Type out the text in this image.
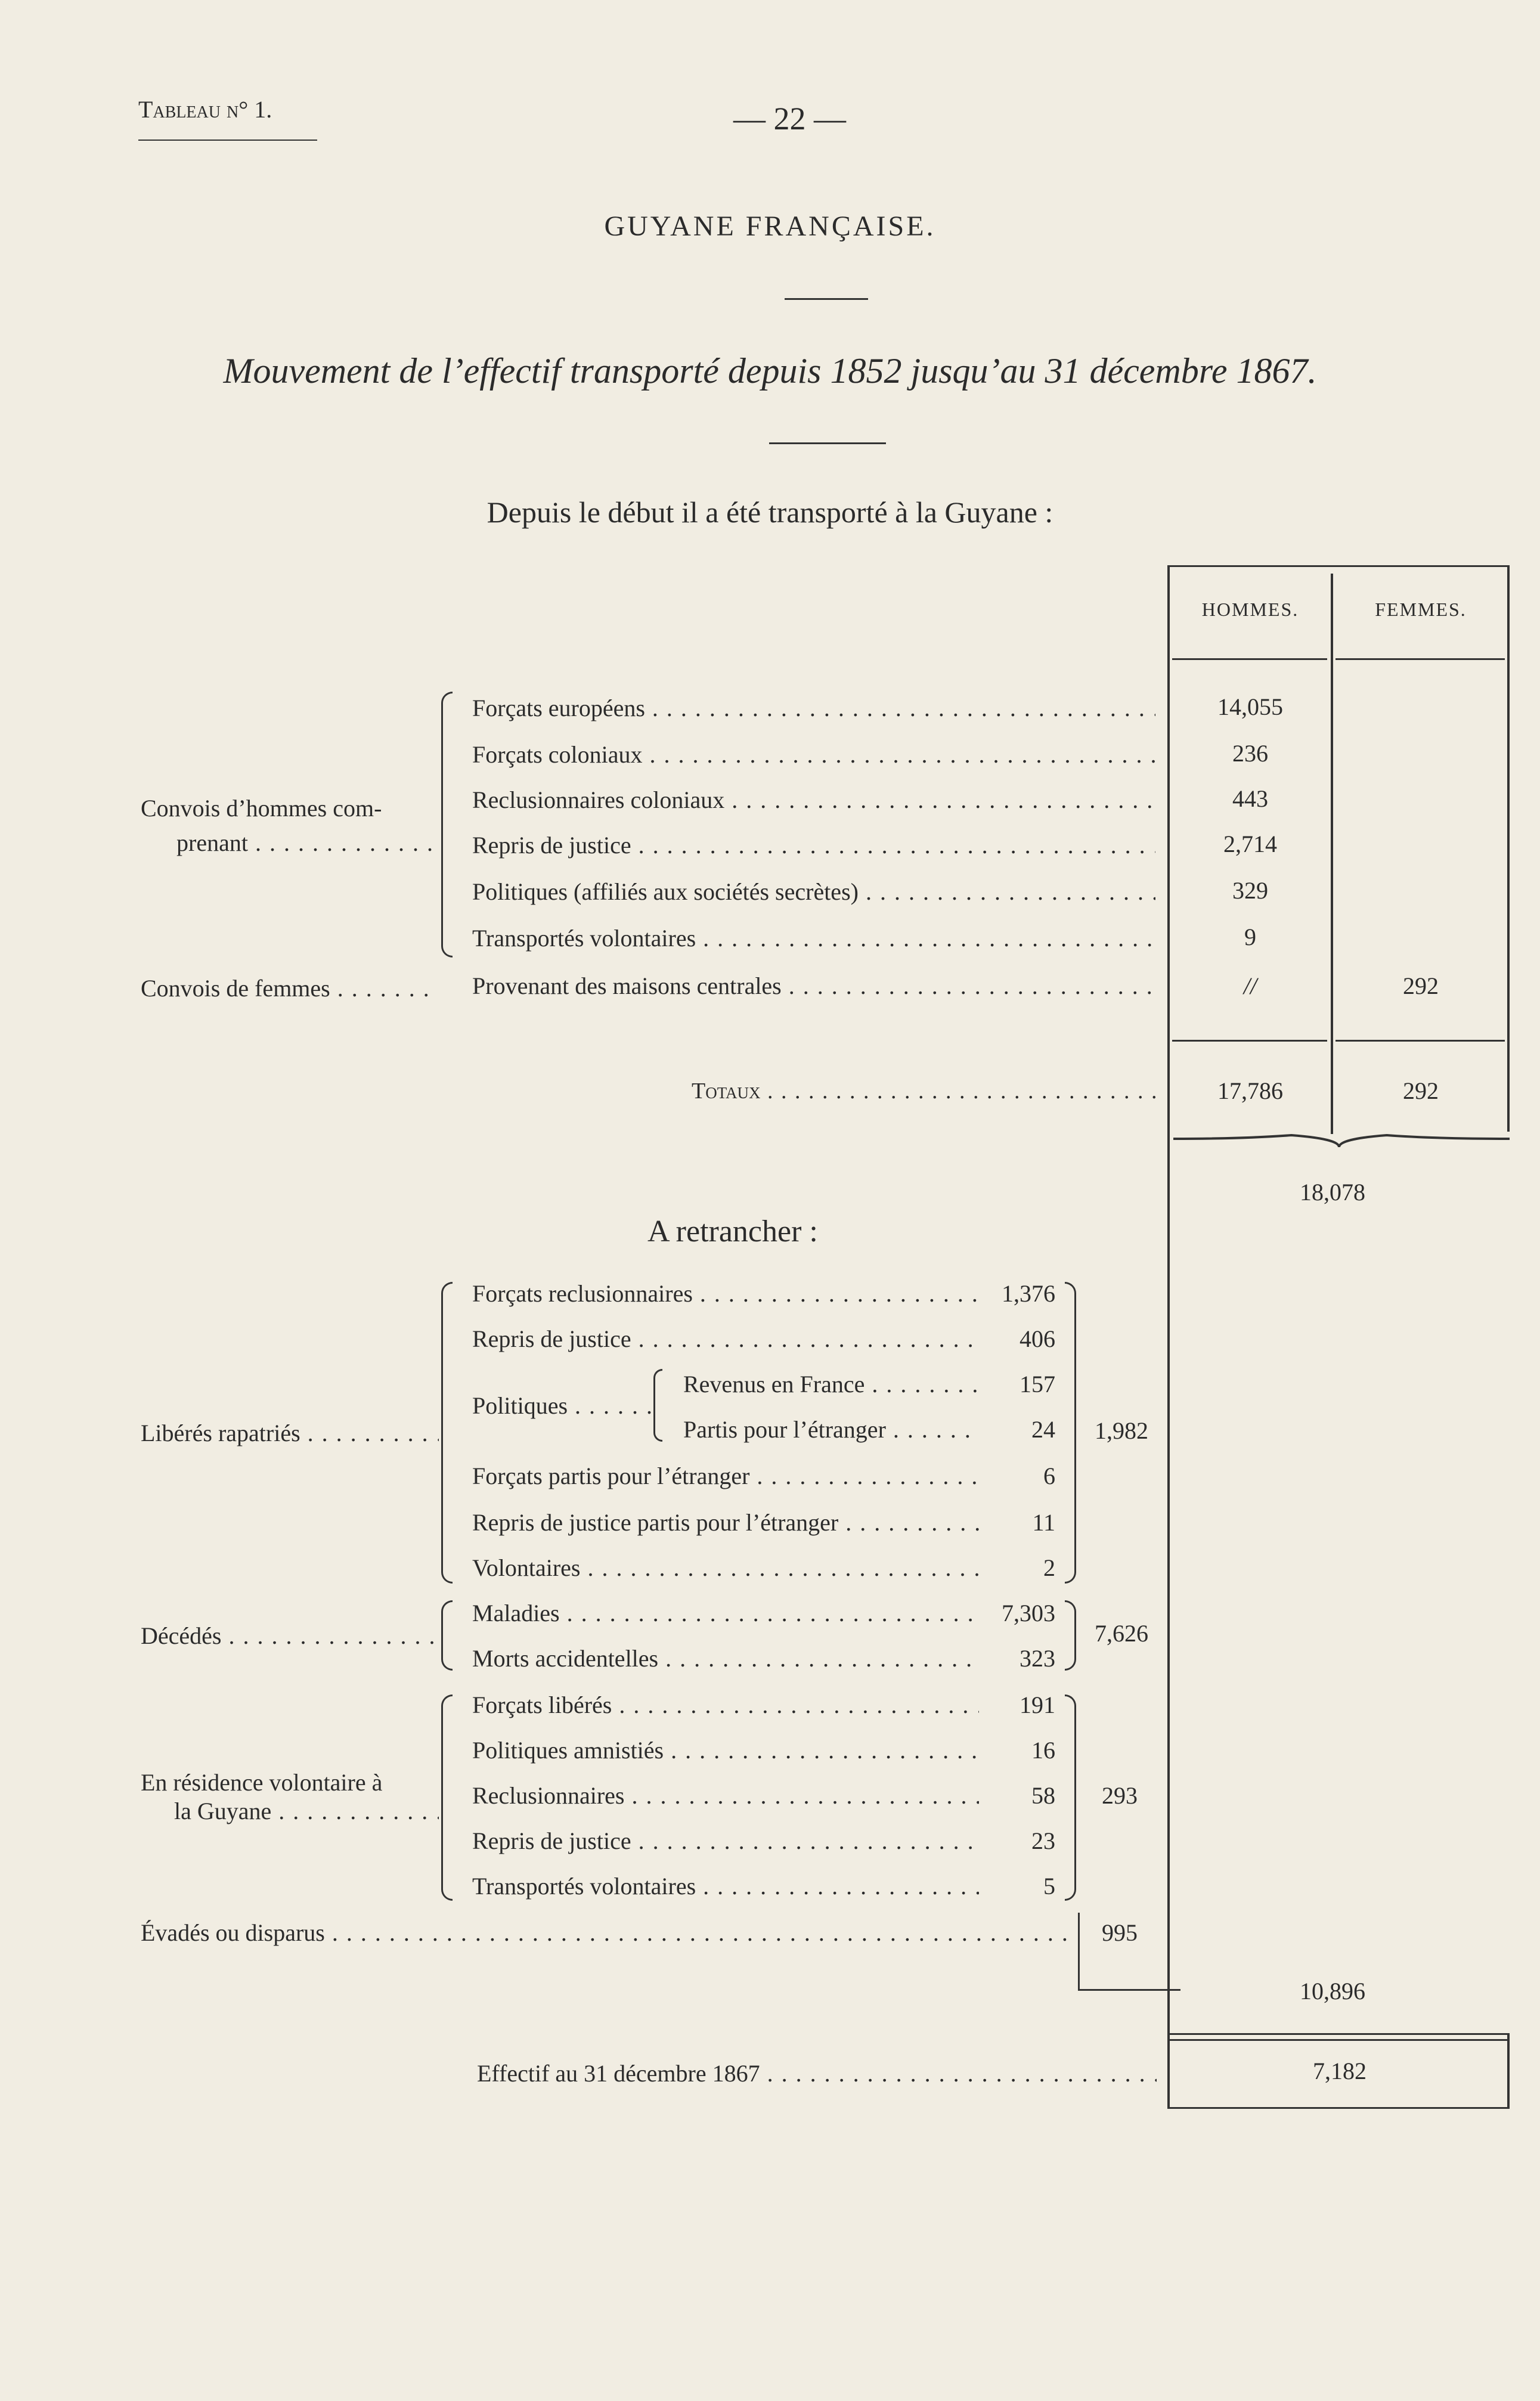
Tableau n° 1.	— 22 —
GUYANE FRANÇAISE.
Mouvement de l’effectif transporté depuis 1852 jusqu’au 31 décembre 1867.
Depuis le début il a été transporté à la Guyane :
HOMMES.	FEMMES.
Convois d’hommes com-
prenant . . .
Forçats européens . . .	14,055
Forçats coloniaux . . .	236
Reclusionnaires coloniaux . . .	443
Repris de justice . . .	2,714
Politiques (affiliés aux sociétés secrètes) . . .	329
Transportés volontaires . . .	9
Convois de femmes . . .	Provenant des maisons centrales . . .	//	292
Totaux . . .	17,786	292
18,078
A retrancher :
Libérés rapatriés . . .
Forçats reclusionnaires . . .	1,376
Repris de justice . . .	406
Politiques . . .
Revenus en France . . .	157
Partis pour l’étranger . . .	24
Forçats partis pour l’étranger . . .	6
Repris de justice partis pour l’étranger . . .	11
Volontaires . . .	2
1,982
Décédés . . .
Maladies . . .	7,303
Morts accidentelles . . .	323
7,626
En résidence volontaire à
la Guyane . . .
Forçats libérés . . .	191
Politiques amnistiés . . .	16
Reclusionnaires . . .	58
Repris de justice . . .	23
Transportés volontaires . . .	5
293
Évadés ou disparus . . .	995
10,896
Effectif au 31 décembre 1867 . . .	7,182
